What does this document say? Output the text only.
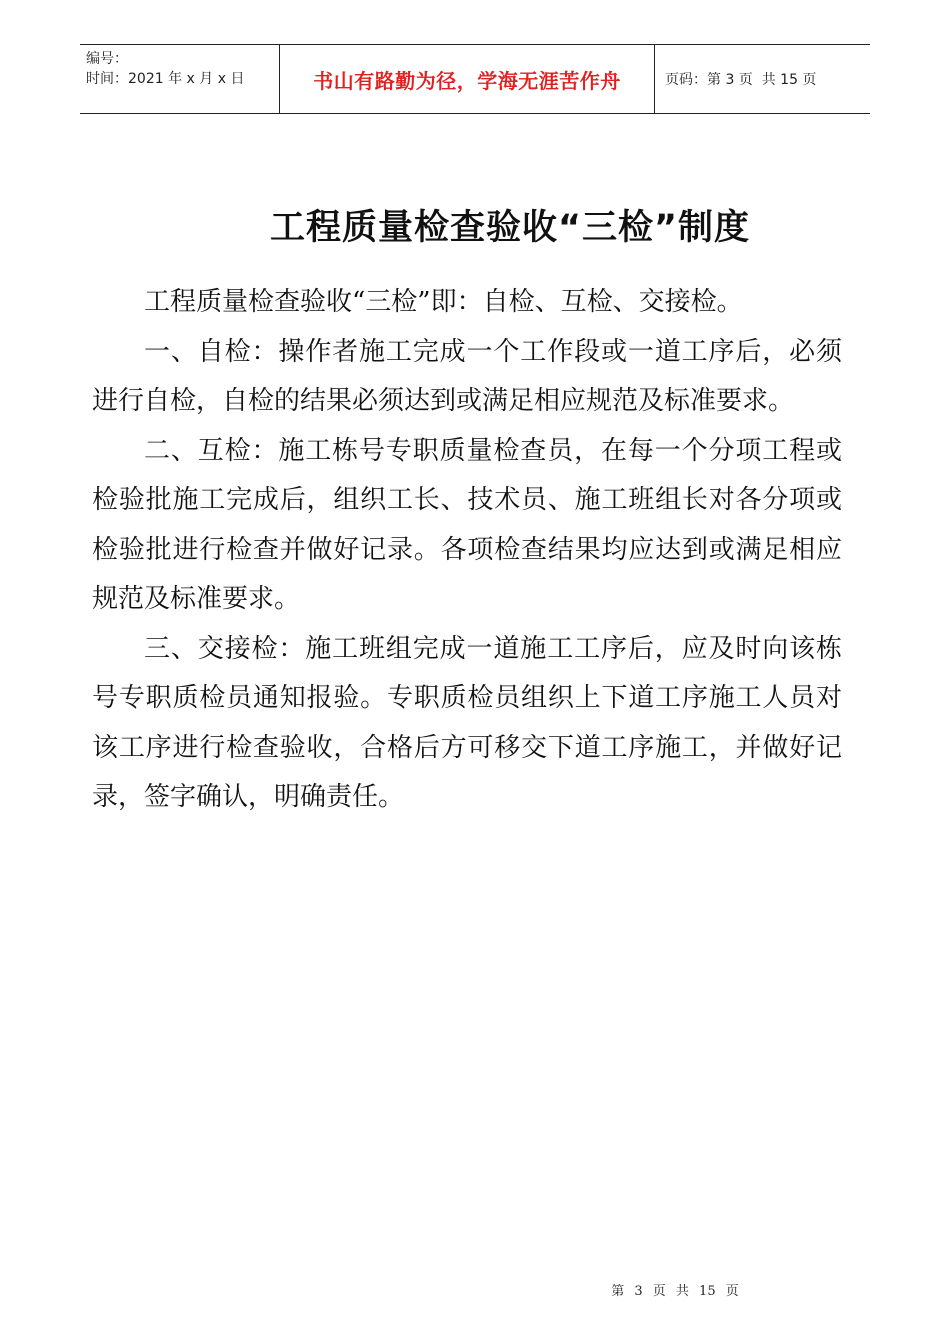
编号：
时间：2021 年 x 月 x 日	书山有路勤为径，学海无涯苦作舟	页码：第 3 页  共 15 页
工程质量检查验收“三检”制度

工程质量检查验收“三检”即：自检、互检、交接检。

一、自检：操作者施工完成一个工作段或一道工序后，必须进行自检，自检的结果必须达到或满足相应规范及标准要求。

二、互检：施工栋号专职质量检查员，在每一个分项工程或检验批施工完成后，组织工长、技术员、施工班组长对各分项或检验批进行检查并做好记录。各项检查结果均应达到或满足相应规范及标准要求。

三、交接检：施工班组完成一道施工工序后，应及时向该栋号专职质检员通知报验。专职质检员组织上下道工序施工人员对该工序进行检查验收，合格后方可移交下道工序施工，并做好记录，签字确认，明确责任。

第 3 页 共 15 页
